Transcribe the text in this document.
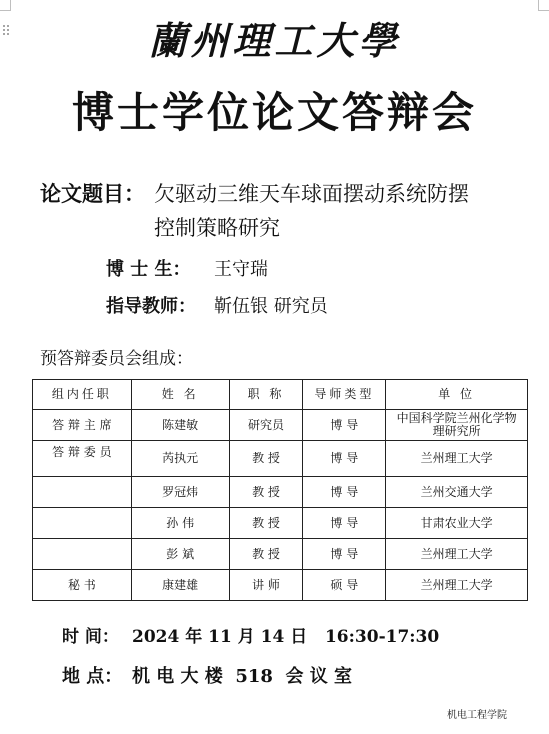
蘭州理工大學
博士学位论文答辩会
论文题目： 欠驱动三维天车球面摆动系统防摆
控制策略研究
博 士 生： 王守瑞
指导教师： 靳伍银 研究员
预答辩委员会组成：
组内任职	姓 名	职 称	导师类型	单 位
答 辩 主 席	陈建敏	研究员	博 导	中国科学院兰州化学物理研究所
答 辩 委 员	芮执元	教 授	博 导	兰州理工大学
	罗冠炜	教 授	博 导	兰州交通大学
	孙 伟	教 授	博 导	甘肃农业大学
	彭 斌	教 授	博 导	兰州理工大学
秘 书	康建雄	讲 师	硕 导	兰州理工大学
时 间： 2024 年 11 月 14 日   16:30-17:30
地 点： 机 电 大 楼  518  会 议 室
机电工程学院
